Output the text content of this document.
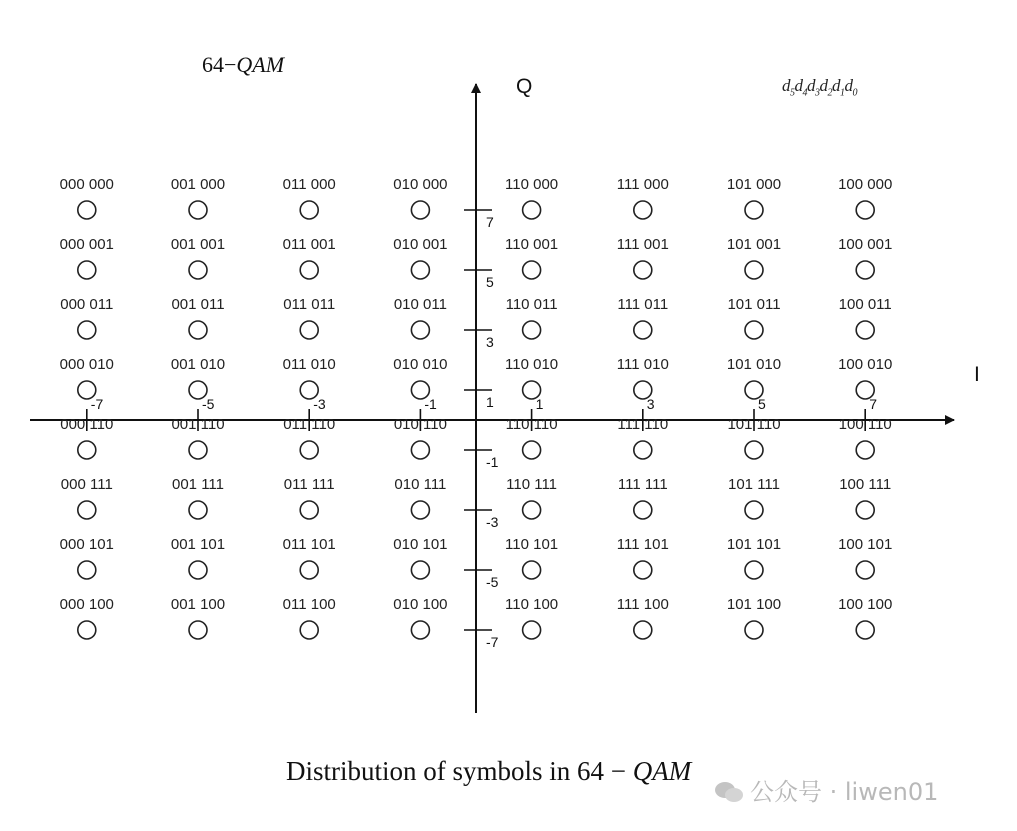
Q
I
-7	-5	-3	-1	1	3	5	7
7
5
3
1
-1
-3
-5
-7
000 000	001 000	011 000	010 000	110 000	111 000	101 000	100 000
000 001	001 001	011 001	010 001	110 001	111 001	101 001	100 001
000 011	001 011	011 011	010 011	110 011	111 011	101 011	100 011
000 010	001 010	011 010	010 010	110 010	111 010	101 010	100 010
000 110	001 110	011 110	010 110	110 110	111 110	101 110	100 110
000 111	001 111	011 111	010 111	110 111	111 111	101 111	100 111
000 101	001 101	011 101	010 101	110 101	111 101	101 101	100 101
000 100	001 100	011 100	010 100	110 100	111 100	101 100	100 100
64−QAM
$d_5d_4d_3d_2d_1d_0$
Distribution of symbols in 64 − QAM
公众号 · liwen01
